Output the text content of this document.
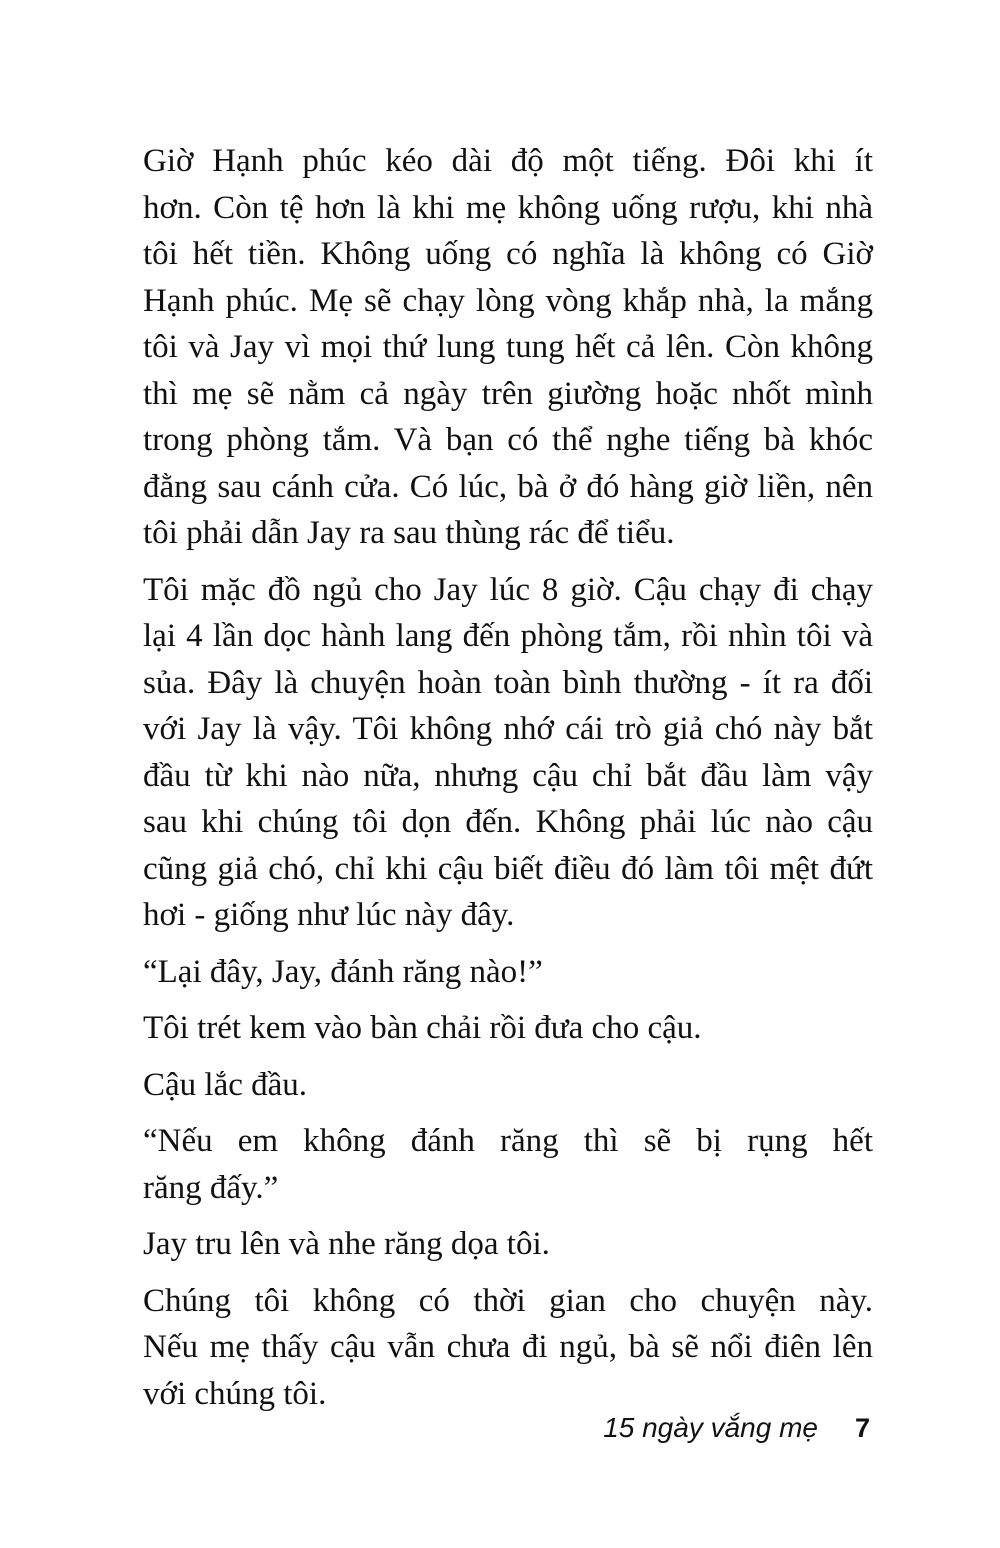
Giờ Hạnh phúc kéo dài độ một tiếng. Đôi khi ít
hơn. Còn tệ hơn là khi mẹ không uống rượu, khi nhà
tôi hết tiền. Không uống có nghĩa là không có Giờ
Hạnh phúc. Mẹ sẽ chạy lòng vòng khắp nhà, la mắng
tôi và Jay vì mọi thứ lung tung hết cả lên. Còn không
thì mẹ sẽ nằm cả ngày trên giường hoặc nhốt mình
trong phòng tắm. Và bạn có thể nghe tiếng bà khóc
đằng sau cánh cửa. Có lúc, bà ở đó hàng giờ liền, nên
tôi phải dẫn Jay ra sau thùng rác để tiểu.

Tôi mặc đồ ngủ cho Jay lúc 8 giờ. Cậu chạy đi chạy
lại 4 lần dọc hành lang đến phòng tắm, rồi nhìn tôi và
sủa. Đây là chuyện hoàn toàn bình thường - ít ra đối
với Jay là vậy. Tôi không nhớ cái trò giả chó này bắt
đầu từ khi nào nữa, nhưng cậu chỉ bắt đầu làm vậy
sau khi chúng tôi dọn đến. Không phải lúc nào cậu
cũng giả chó, chỉ khi cậu biết điều đó làm tôi mệt đứt
hơi - giống như lúc này đây.

“Lại đây, Jay, đánh răng nào!”

Tôi trét kem vào bàn chải rồi đưa cho cậu.

Cậu lắc đầu.

“Nếu em không đánh răng thì sẽ bị rụng hết
răng đấy.”

Jay tru lên và nhe răng dọa tôi.

Chúng tôi không có thời gian cho chuyện này.
Nếu mẹ thấy cậu vẫn chưa đi ngủ, bà sẽ nổi điên lên
với chúng tôi.

15 ngày vắng mẹ 7
